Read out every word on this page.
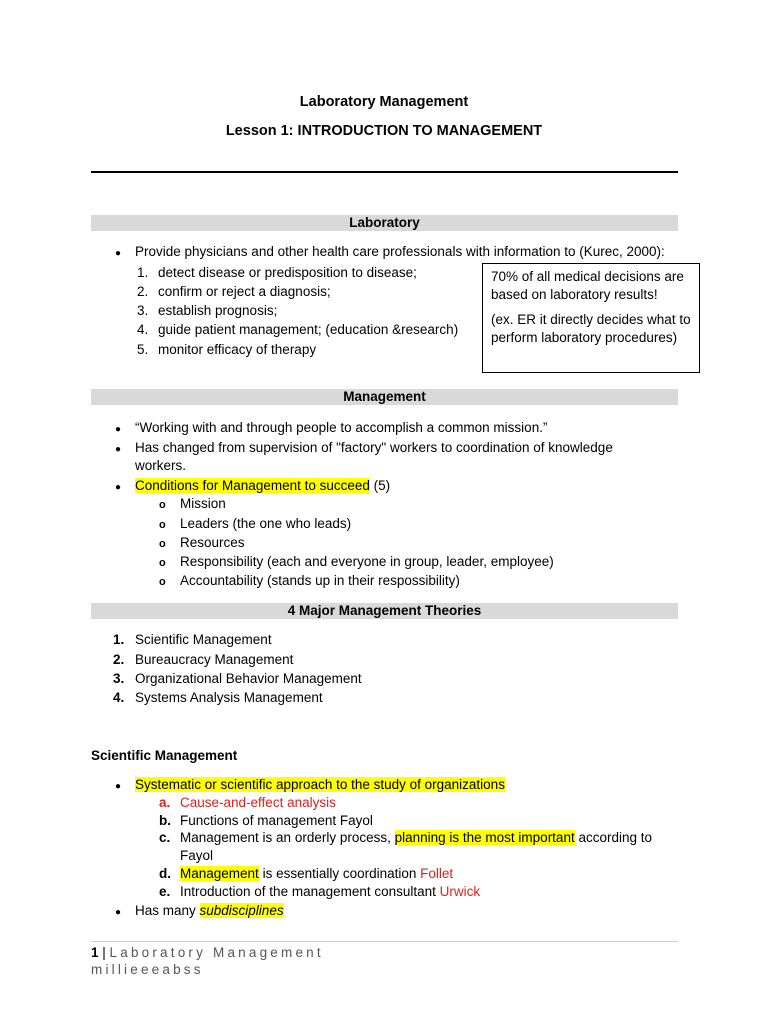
Laboratory Management
Lesson 1: INTRODUCTION TO MANAGEMENT
Laboratory
● Provide physicians and other health care professionals with information to (Kurec, 2000):
1. detect disease or predisposition to disease;
2. confirm or reject a diagnosis;
3. establish prognosis;
4. guide patient management; (education &research)
5. monitor efficacy of therapy

70% of all medical decisions are based on laboratory results!

(ex. ER it directly decides what to perform laboratory procedures)

Management
● “Working with and through people to accomplish a common mission.”
● Has changed from supervision of "factory" workers to coordination of knowledge
workers.
● Conditions for Management to succeed (5)
o Mission
o Leaders (the one who leads)
o Resources
o Responsibility (each and everyone in group, leader, employee)
o Accountability (stands up in their respossibility)
4 Major Management Theories
1. Scientific Management
2. Bureaucracy Management
3. Organizational Behavior Management
4. Systems Analysis Management
Scientific Management
● Systematic or scientific approach to the study of organizations
a. Cause-and-effect analysis
b. Functions of management Fayol
c. Management is an orderly process, planning is the most important according to
Fayol
d. Management is essentially coordination Follet
e. Introduction of the management consultant Urwick
● Has many subdisciplines
1 | Laboratory Management
millieeeabss
